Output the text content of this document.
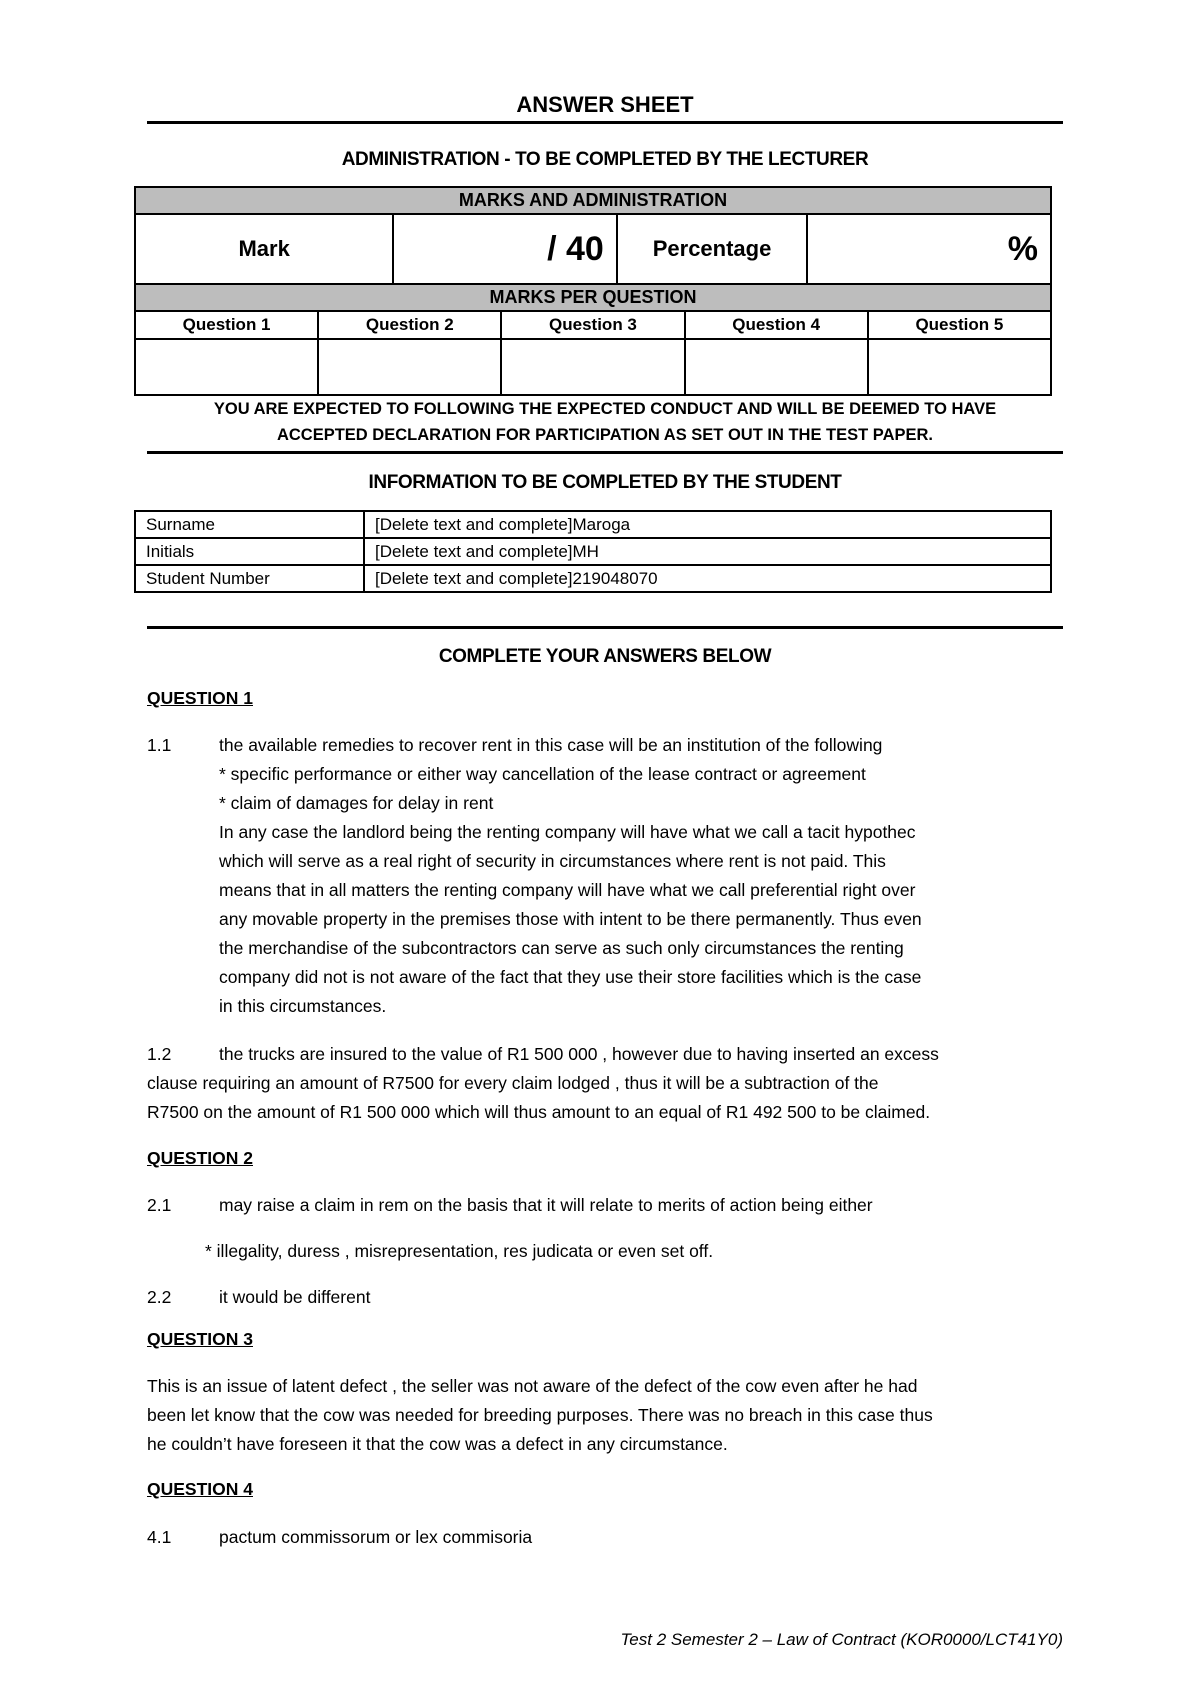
ANSWER SHEET
ADMINISTRATION - TO BE COMPLETED BY THE LECTURER
MARKS AND ADMINISTRATION							
Mark		/ 40		Percentage		%	
MARKS PER QUESTION							
Question 1	Question 2		Question 3		Question 4		Question 5

YOU ARE EXPECTED TO FOLLOWING THE EXPECTED CONDUCT AND WILL BE DEEMED TO HAVE
ACCEPTED DECLARATION FOR PARTICIPATION AS SET OUT IN THE TEST PAPER.
INFORMATION TO BE COMPLETED BY THE STUDENT
Surname	[Delete text and complete]Maroga
Initials	[Delete text and complete]MH
Student Number	[Delete text and complete]219048070
COMPLETE YOUR ANSWERS BELOW
QUESTION 1
1.1	the available remedies to recover rent in this case will be an institution of the following
* specific performance or either way cancellation of the lease contract or agreement
* claim of damages for delay in rent
In any case the landlord being the renting company will have what we call a tacit hypothec
which will serve as a real right of security in circumstances where rent is not paid. This
means that in all matters the renting company will have what we call preferential right over
any movable property in the premises those with intent to be there permanently. Thus even
the merchandise of the subcontractors can serve as such only circumstances the renting
company did not is not aware of the fact that they use their store facilities which is the case
in this circumstances.
1.2	the trucks are insured to the value of R1 500 000 , however due to having inserted an excess
clause requiring an amount of R7500 for every claim lodged , thus it will be a subtraction of the
R7500 on the amount of R1 500 000 which will thus amount to an equal of R1 492 500 to be claimed.
QUESTION 2
2.1	may raise a claim in rem on the basis that it will relate to merits of action being either
* illegality, duress , misrepresentation, res judicata or even set off.
2.2	it would be different
QUESTION 3
This is an issue of latent defect , the seller was not aware of the defect of the cow even after he had
been let know that the cow was needed for breeding purposes. There was no breach in this case thus
he couldn’t have foreseen it that the cow was a defect in any circumstance.
QUESTION 4
4.1	pactum commissorum or lex commisoria
Test 2 Semester 2 – Law of Contract (KOR0000/LCT41Y0)
